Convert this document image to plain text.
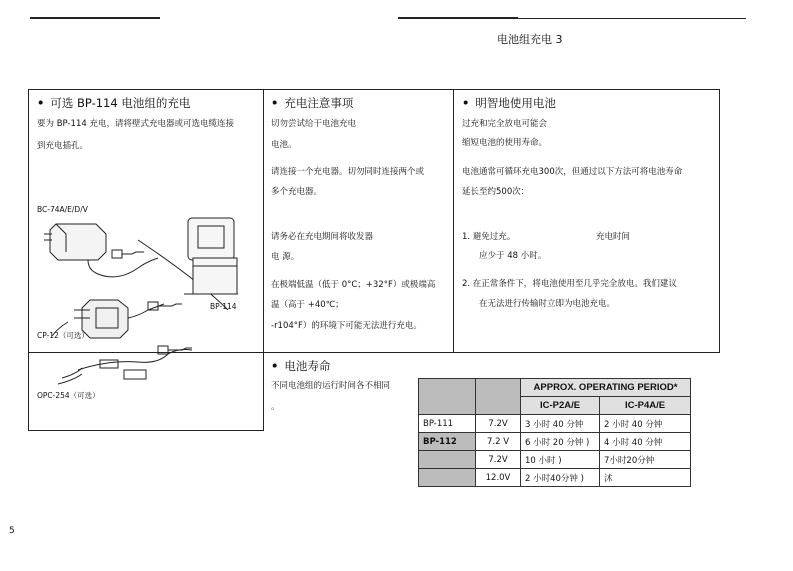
电池组充电 3
• 可选 BP-114 电池组的充电
要为 BP-114 充电，请将壁式充电器或可选电缆连接
到充电插孔。
BC-74A/E/D/V
BP-114
CP-12（可选）
OPC-254（可选）
• 充电注意事项
切勿尝试给干电池充电
电池。
请连接一个充电器。切勿同时连接两个或
多个充电器。
请务必在充电期间将收发器
电 源。
在极端低温（低于 0°C；+32°F）或极端高
温（高于 +40℃；
-r104°F）的环境下可能无法进行充电。
• 明智地使用电池
过充和完全放电可能会
缩短电池的使用寿命。
电池通常可循环充电300次，但通过以下方法可将电池寿命
延长至约500次：
1. 避免过充。	充电时间
应少于 48 小时。
2. 在正常条件下，将电池使用至几乎完全放电。我们建议
在无法进行传输时立即为电池充电。
• 电池寿命
不同电池组的运行时间各不相同
。
		APPROX. OPERATING PERIOD*	
		IC-P2A/E	IC-P4A/E
BP-111	7.2V	3 小时 40 分钟	2 小时 40 分钟
BP-112	7.2 V	6 小时 20 分钟 )	4 小时 40 分钟
	7.2V	10 小时 )	7小时20分钟
	12.0V	2 小时40分钟 )	沭
5
